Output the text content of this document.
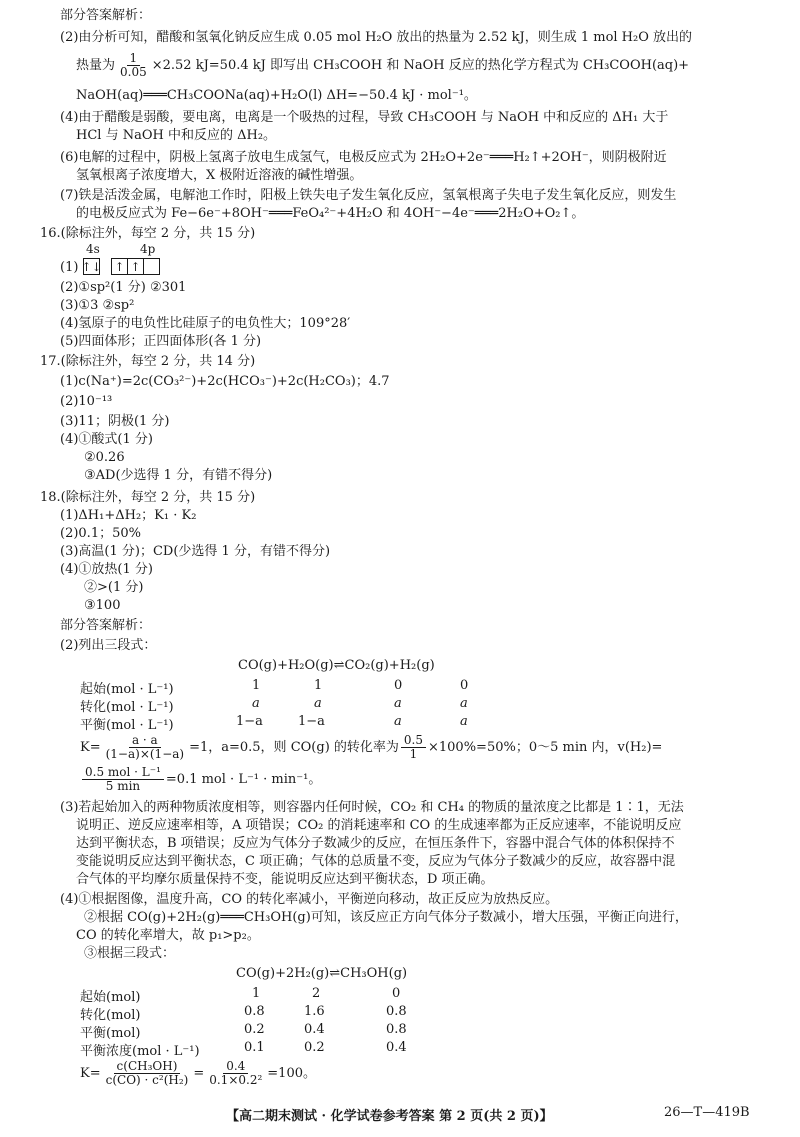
部分答案解析：
(2)由分析可知，醋酸和氢氧化钠反应生成 0.05 mol H₂O 放出的热量为 2.52 kJ，则生成 1 mol H₂O 放出的
热量为 $\frac{1}{0.05} \times 2.52$ kJ=50.4 kJ 即写出 CH₃COOH 和 NaOH 反应的热化学方程式为 CH₃COOH(aq)+
NaOH(aq)═══CH₃COONa(aq)+H₂O(l) ΔH=−50.4 kJ · mol⁻¹。
(4)由于醋酸是弱酸，要电离，电离是一个吸热的过程，导致 CH₃COOH 与 NaOH 中和反应的 ΔH₁ 大于
HCl 与 NaOH 中和反应的 ΔH₂。
(6)电解的过程中，阴极上氢离子放电生成氢气，电极反应式为 2H₂O+2e⁻═══H₂↑+2OH⁻，则阴极附近
氢氧根离子浓度增大，X 极附近溶液的碱性增强。
(7)铁是活泼金属，电解池工作时，阳极上铁失电子发生氧化反应，氢氧根离子失电子发生氧化反应，则发生
的电极反应式为 Fe−6e⁻+8OH⁻═══FeO₄²⁻+4H₂O 和 4OH⁻−4e⁻═══2H₂O+O₂↑。
16.(除标注外，每空 2 分，共 15 分)
4s	4p
(1) ↑↓ ↑ ↑
(2)①sp²(1 分) ②301
(3)①3 ②sp²
(4)氢原子的电负性比硅原子的电负性大；109°28′
(5)四面体形；正四面体形(各 1 分)
17.(除标注外，每空 2 分，共 14 分)
(1)c(Na⁺)=2c(CO₃²⁻)+2c(HCO₃⁻)+2c(H₂CO₃)；4.7
(2)10⁻¹³
(3)11；阴极(1 分)
(4)①酸式(1 分)
②0.26
③AD(少选得 1 分，有错不得分)
18.(除标注外，每空 2 分，共 15 分)
(1)ΔH₁+ΔH₂；K₁ · K₂
(2)0.1；50%
(3)高温(1 分)；CD(少选得 1 分，有错不得分)
(4)①放热(1 分)
②>(1 分)
③100
部分答案解析：
(2)列出三段式：
CO(g)+H₂O(g)⇌CO₂(g)+H₂(g)
起始(mol · L⁻¹)	1	1	0	0
转化(mol · L⁻¹)	a	a	a	a
平衡(mol · L⁻¹)	1−a	1−a	a	a
$K= \frac{a \cdot a}{(1-a)\times(1-a)} =1$，a=0.5，则 CO(g) 的转化率为 $\frac{0.5}{1} \times 100\%=50\%$；0～5 min 内，v(H₂)=
$\frac{\text{0.5 mol · L⁻¹}}{5 \min} =0.1$ mol · L⁻¹ · min⁻¹。
(3)若起始加入的两种物质浓度相等，则容器内任何时候，CO₂ 和 CH₄ 的物质的量浓度之比都是 1∶1，无法
说明正、逆反应速率相等，A 项错误；CO₂ 的消耗速率和 CO 的生成速率都为正反应速率，不能说明反应
达到平衡状态，B 项错误；反应为气体分子数减少的反应，在恒压条件下，容器中混合气体的体积保持不
变能说明反应达到平衡状态，C 项正确；气体的总质量不变，反应为气体分子数减少的反应，故容器中混
合气体的平均摩尔质量保持不变，能说明反应达到平衡状态，D 项正确。
(4)①根据图像，温度升高，CO 的转化率减小，平衡逆向移动，故正反应为放热反应。
②根据 CO(g)+2H₂(g)═══CH₃OH(g)可知，该反应正方向气体分子数减小，增大压强，平衡正向进行，
CO 的转化率增大，故 p₁>p₂。
③根据三段式：
CO(g)+2H₂(g)⇌CH₃OH(g)
起始(mol)	1	2	0
转化(mol)	0.8	1.6	0.8
平衡(mol)	0.2	0.4	0.8
平衡浓度(mol · L⁻¹)	0.1	0.2	0.4
$K= \frac{\text{c(CH₃OH)}}{\text{c(CO) · c²(H₂)}} = \frac{0.4}{\text{0.1×0.2²}} =100$。
【高二期末测试 · 化学试卷参考答案 第 2 页(共 2 页)】	26—T—419B
